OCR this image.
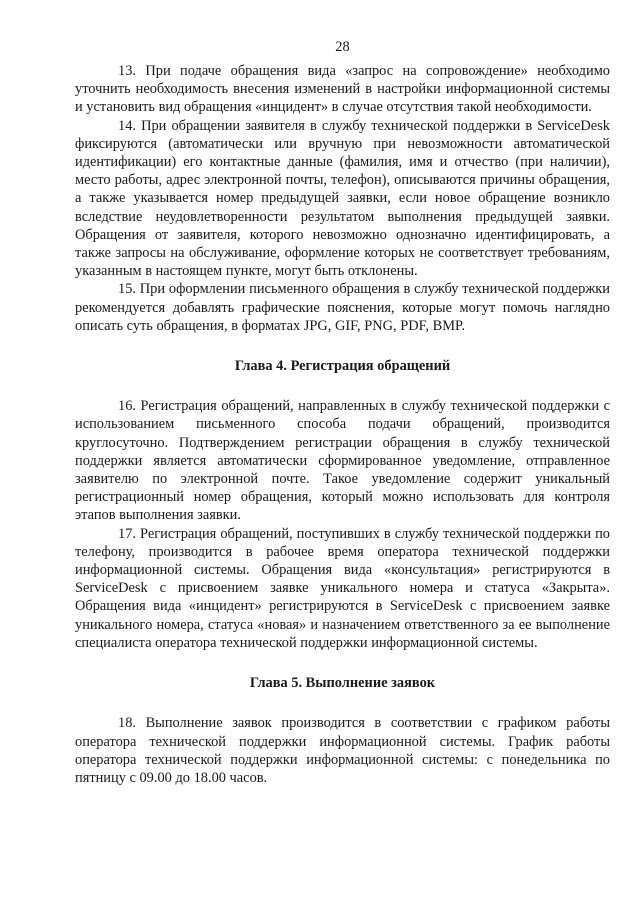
28

13. При подаче обращения вида «запрос на сопровождение» необходимо уточнить необходимость внесения изменений в настройки информационной системы и установить вид обращения «инцидент» в случае отсутствия такой необходимости.

14. При обращении заявителя в службу технической поддержки в ServiceDesk фиксируются (автоматически или вручную при невозможности автоматической идентификации) его контактные данные (фамилия, имя и отчество (при наличии), место работы, адрес электронной почты, телефон), описываются причины обращения, а также указывается номер предыдущей заявки, если новое обращение возникло вследствие неудовлетворенности результатом выполнения предыдущей заявки. Обращения от заявителя, которого невозможно однозначно идентифицировать, а также запросы на обслуживание, оформление которых не соответствует требованиям, указанным в настоящем пункте, могут быть отклонены.

15. При оформлении письменного обращения в службу технической поддержки рекомендуется добавлять графические пояснения, которые могут помочь наглядно описать суть обращения, в форматах JPG, GIF, PNG, PDF, BMP.

Глава 4. Регистрация обращений

16. Регистрация обращений, направленных в службу технической поддержки с использованием письменного способа подачи обращений, производится круглосуточно. Подтверждением регистрации обращения в службу технической поддержки является автоматически сформированное уведомление, отправленное заявителю по электронной почте. Такое уведомление содержит уникальный регистрационный номер обращения, который можно использовать для контроля этапов выполнения заявки.

17. Регистрация обращений, поступивших в службу технической поддержки по телефону, производится в рабочее время оператора технической поддержки информационной системы. Обращения вида «консультация» регистрируются в ServiceDesk с присвоением заявке уникального номера и статуса «Закрыта». Обращения вида «инцидент» регистрируются в ServiceDesk с присвоением заявке уникального номера, статуса «новая» и назначением ответственного за ее выполнение специалиста оператора технической поддержки информационной системы.

Глава 5. Выполнение заявок

18. Выполнение заявок производится в соответствии с графиком работы оператора технической поддержки информационной системы. График работы оператора технической поддержки информационной системы: с понедельника по пятницу с 09.00 до 18.00 часов.
